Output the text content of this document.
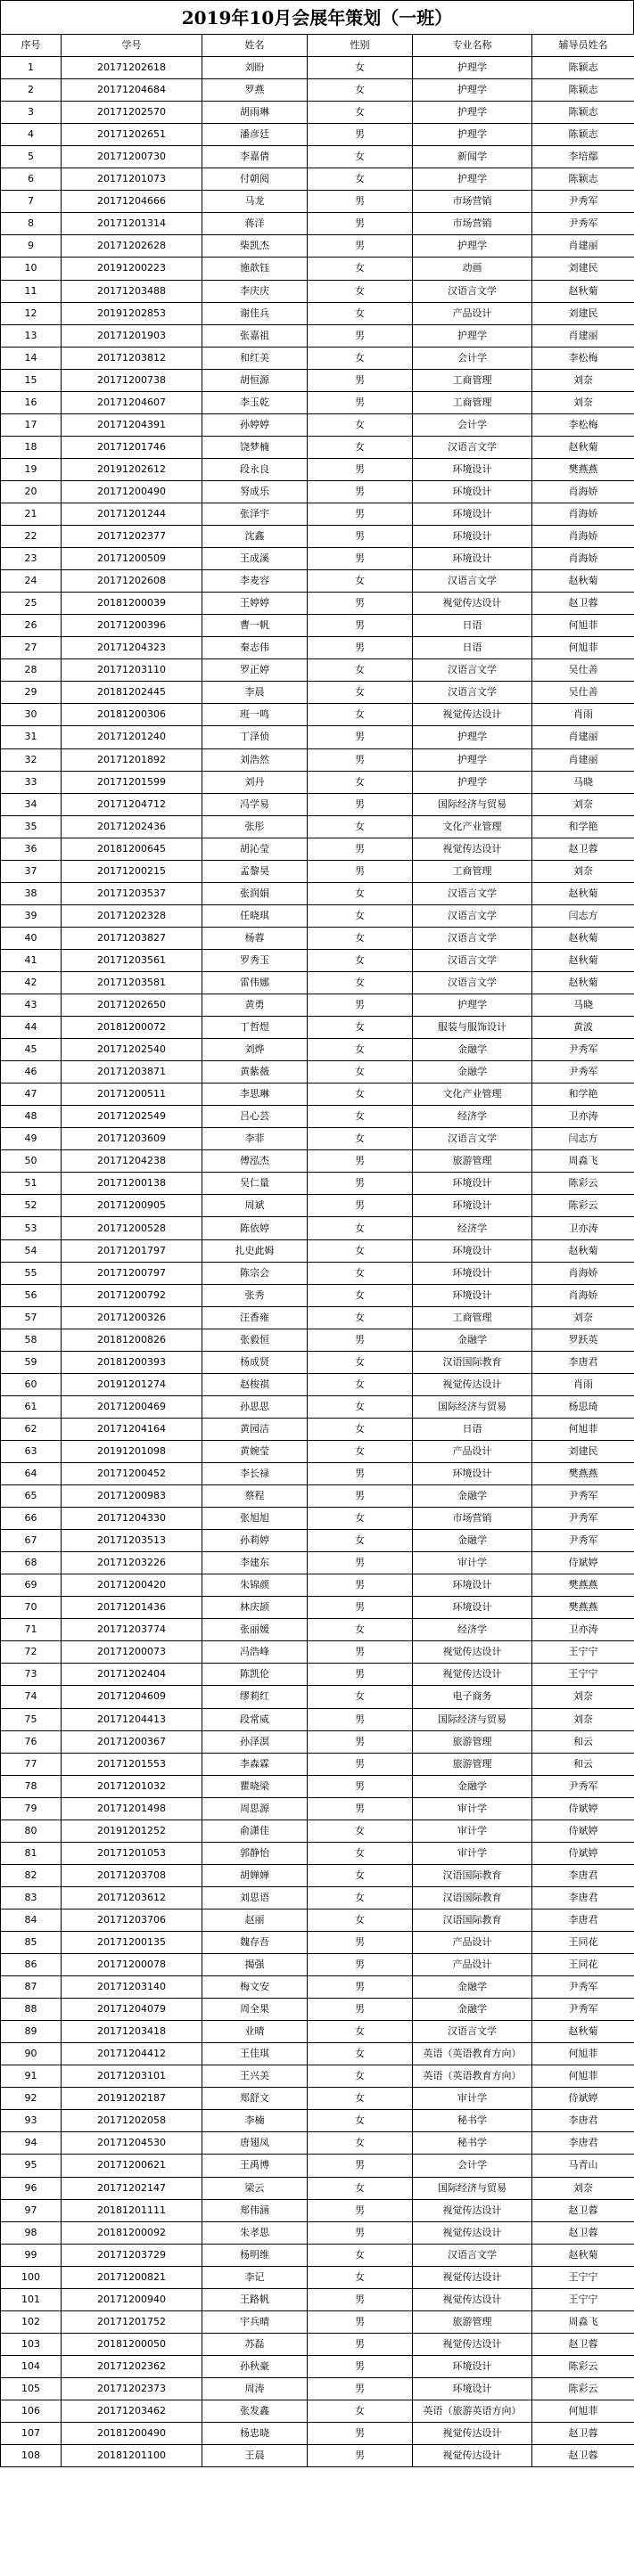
2019年10月会展年策划（一班）
序号	学号	姓名	性别	专业名称	辅导员姓名
1	20171202618	刘盼	女	护理学	陈颖志
2	20171204684	罗燕	女	护理学	陈颖志
3	20171202570	胡雨琳	女	护理学	陈颖志
4	20171202651	潘彦廷	男	护理学	陈颖志
5	20171200730	李嘉倩	女	新闻学	李培鄢
6	20171201073	付朝阅	女	护理学	陈颖志
7	20171204666	马龙	男	市场营销	尹秀军
8	20171201314	蒋洋	男	市场营销	尹秀军
9	20171202628	柴凯杰	男	护理学	肖建丽
10	20191200223	施歆钰	女	动画	刘建民
11	20171203488	李庆庆	女	汉语言文学	赵秋菊
12	20191202853	谢佳兵	女	产品设计	刘建民
13	20171201903	张嘉祖	男	护理学	肖建丽
14	20171203812	和红美	女	会计学	李松梅
15	20171200738	胡恒源	男	工商管理	刘奈
16	20171204607	李玉乾	男	工商管理	刘奈
17	20171204391	孙婷婷	女	会计学	李松梅
18	20171201746	饶梦楠	女	汉语言文学	赵秋菊
19	20191202612	段永良	男	环境设计	樊燕燕
20	20171200490	努成乐	男	环境设计	肖海娇
21	20171201244	张泽宇	男	环境设计	肖海娇
22	20171202377	沈鑫	男	环境设计	肖海娇
23	20171200509	王成溪	男	环境设计	肖海娇
24	20171202608	李麦容	女	汉语言文学	赵秋菊
25	20181200039	王婷婷	男	视觉传达设计	赵卫蓉
26	20171200396	曹一帆	男	日语	何旭菲
27	20171204323	秦志伟	男	日语	何旭菲
28	20171203110	罗正婷	女	汉语言文学	吴仕善
29	20181202445	李晨	女	汉语言文学	吴仕善
30	20181200306	班一鸣	女	视觉传达设计	肖雨
31	20171201240	丁泽侦	男	护理学	肖建丽
32	20171201892	刘浩然	男	护理学	肖建丽
33	20171201599	刘丹	女	护理学	马晓
34	20171204712	冯学易	男	国际经济与贸易	刘奈
35	20171202436	张彤	女	文化产业管理	和学艳
36	20181200645	胡沁莹	男	视觉传达设计	赵卫蓉
37	20171200215	孟黎昊	男	工商管理	刘奈
38	20171203537	张润娟	女	汉语言文学	赵秋菊
39	20171202328	任晓琪	女	汉语言文学	闫志方
40	20171203827	杨蓉	女	汉语言文学	赵秋菊
41	20171203561	罗秀玉	女	汉语言文学	赵秋菊
42	20171203581	雷伟娜	女	汉语言文学	赵秋菊
43	20171202650	黄勇	男	护理学	马晓
44	20181200072	丁哲煜	女	服装与服饰设计	黄波
45	20171202540	刘烨	女	金融学	尹秀军
46	20171203871	黄紫薇	女	金融学	尹秀军
47	20171200511	李思琳	女	文化产业管理	和学艳
48	20171202549	吕心芸	女	经济学	卫亦涛
49	20171203609	李菲	女	汉语言文学	闫志方
50	20171204238	傅泓杰	男	旅游管理	周淼飞
51	20171200138	吴仁量	男	环境设计	陈彩云
52	20171200905	周斌	男	环境设计	陈彩云
53	20171200528	陈依婷	女	经济学	卫亦涛
54	20171201797	扎史此姆	女	环境设计	赵秋菊
55	20171200797	陈宗会	女	环境设计	肖海娇
56	20171200792	张秀	女	环境设计	肖海娇
57	20171200326	汪香雍	女	工商管理	刘奈
58	20181200826	张毅恒	男	金融学	罗跃英
59	20181200393	杨成贤	女	汉语国际教育	李唐君
60	20191201274	赵梭祺	女	视觉传达设计	肖雨
61	20171200469	孙思思	女	国际经济与贸易	杨思琦
62	20171204164	黄园洁	女	日语	何旭菲
63	20191201098	黄婉莹	女	产品设计	刘建民
64	20171200452	李长禄	男	环境设计	樊燕燕
65	20171200983	蔡程	男	金融学	尹秀军
66	20171204330	张旭旭	女	市场营销	尹秀军
67	20171203513	孙莉婷	女	金融学	尹秀军
68	20171203226	李建东	男	审计学	侍斌婷
69	20171200420	朱锦颜	男	环境设计	樊燕燕
70	20171201436	林庆颉	男	环境设计	樊燕燕
71	20171203774	张丽媛	女	经济学	卫亦涛
72	20171200073	冯浩峰	男	视觉传达设计	王宁宁
73	20171202404	陈凯伦	男	视觉传达设计	王宁宁
74	20171204609	缪莉红	女	电子商务	刘奈
75	20171204413	段常威	男	国际经济与贸易	刘奈
76	20171200367	孙泽溟	男	旅游管理	和云
77	20171201553	李森霖	男	旅游管理	和云
78	20171201032	瞿晓梁	男	金融学	尹秀军
79	20171201498	周思源	男	审计学	侍斌婷
80	20191201252	俞潇佳	女	审计学	侍斌婷
81	20171201053	郭静怡	女	审计学	侍斌婷
82	20171203708	胡婵婵	女	汉语国际教育	李唐君
83	20171203612	刘思语	女	汉语国际教育	李唐君
84	20171203706	赵丽	女	汉语国际教育	李唐君
85	20171200135	魏存吾	男	产品设计	王同花
86	20171200078	揭强	男	产品设计	王同花
87	20171203140	梅文安	男	金融学	尹秀军
88	20171204079	周全果	男	金融学	尹秀军
89	20171203418	业晴	女	汉语言文学	赵秋菊
90	20171204412	王佳琪	女	英语（英语教育方向）	何旭菲
91	20171203101	王兴美	女	英语（英语教育方向）	何旭菲
92	20191202187	郑舒文	女	审计学	侍斌婷
93	20171202058	李楠	女	秘书学	李唐君
94	20171204530	唐翅凤	女	秘书学	李唐君
95	20171200621	王禹博	男	会计学	马青山
96	20171202147	梁云	女	国际经济与贸易	刘奈
97	20181201111	郑伟涵	男	视觉传达设计	赵卫蓉
98	20181200092	朱孝思	男	视觉传达设计	赵卫蓉
99	20171203729	杨明维	女	汉语言文学	赵秋菊
100	20171200821	李记	女	视觉传达设计	王宁宁
101	20171200940	王路帆	男	视觉传达设计	王宁宁
102	20171201752	宇兵晴	男	旅游管理	周淼飞
103	20181200050	苏磊	男	视觉传达设计	赵卫蓉
104	20171202362	孙秋豪	男	环境设计	陈彩云
105	20171202373	周涛	男	环境设计	陈彩云
106	20171203462	张发鑫	女	英语（旅游英语方向）	何旭菲
107	20181200490	杨忠晓	男	视觉传达设计	赵卫蓉
108	20181201100	王晨	男	视觉传达设计	赵卫蓉
